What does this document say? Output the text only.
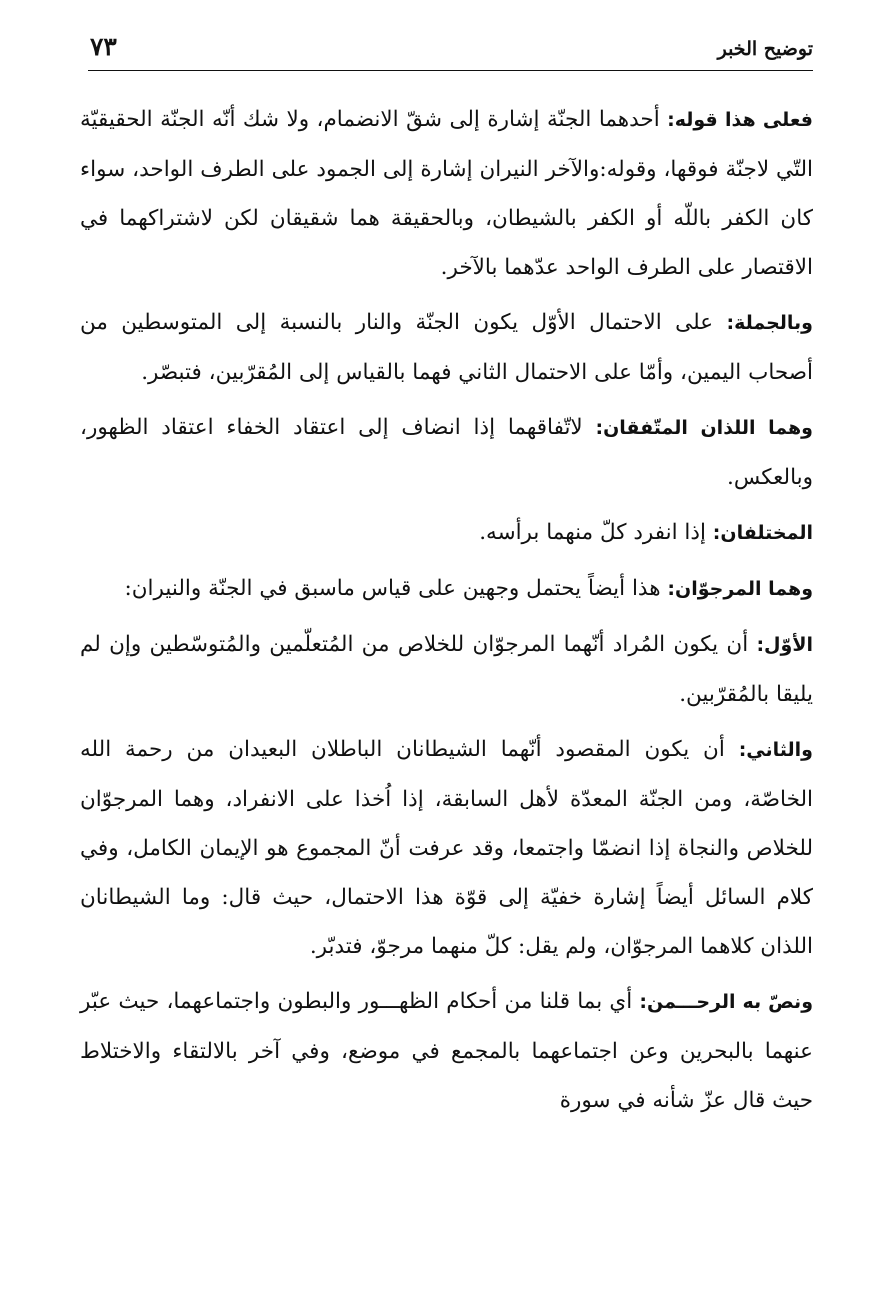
٧٣	توضيح الخبر

فعلى هذا قوله: أحدهما الجنّة إشارة إلى شقّ الانضمام، ولا شك أنّه الجنّة الحقيقيّة التّي لاجنّة فوقها، وقوله:والآخر النيران إشارة إلى الجمود على الطرف الواحد، سواء كان الكفر باللّه أو الكفر بالشيطان، وبالحقيقة هما شقيقان لكن لاشتراكهما في الاقتصار على الطرف الواحد عدّهما بالآخر.

وبالجملة: على الاحتمال الأوّل يكون الجنّة والنار بالنسبة إلى المتوسطين من أصحاب اليمين، وأمّا على الاحتمال الثاني فهما بالقياس إلى المُقرّبين، فتبصّر.

وهما اللذان المتّفقان: لاتّفاقهما إذا انضاف إلى اعتقاد الخفاء اعتقاد الظهور، وبالعكس.

المختلفان: إذا انفرد كلّ منهما برأسه.

وهما المرجوّان: هذا أيضاً يحتمل وجهين على قياس ماسبق في الجنّة والنيران:

الأوّل: أن يكون المُراد أنّهما المرجوّان للخلاص من المُتعلّمين والمُتوسّطين وإن لم يلیقا بالمُقرّبين.

والثاني: أن يكون المقصود أنّهما الشيطانان الباطلان البعيدان من رحمة الله الخاصّة، ومن الجنّة المعدّة لأهل السابقة، إذا اُخذا على الانفراد، وهما المرجوّان للخلاص والنجاة إذا انضمّا واجتمعا، وقد عرفت أنّ المجموع هو الإيمان الكامل، وفي كلام السائل أيضاً إشارة خفيّة إلى قوّة هذا الاحتمال، حيث قال: وما الشيطانان اللذان كلاهما المرجوّان، ولم يقل: كلّ منهما مرجوّ، فتدبّر.

ونصّ به الرحـــمن: أي بما قلنا من أحكام الظهـــور والبطون واجتماعهما، حيث عبّر عنهما بالبحرين وعن اجتماعهما بالمجمع في موضع، وفي آخر بالالتقاء والاختلاط حيث قال عزّ شأنه في سورة
